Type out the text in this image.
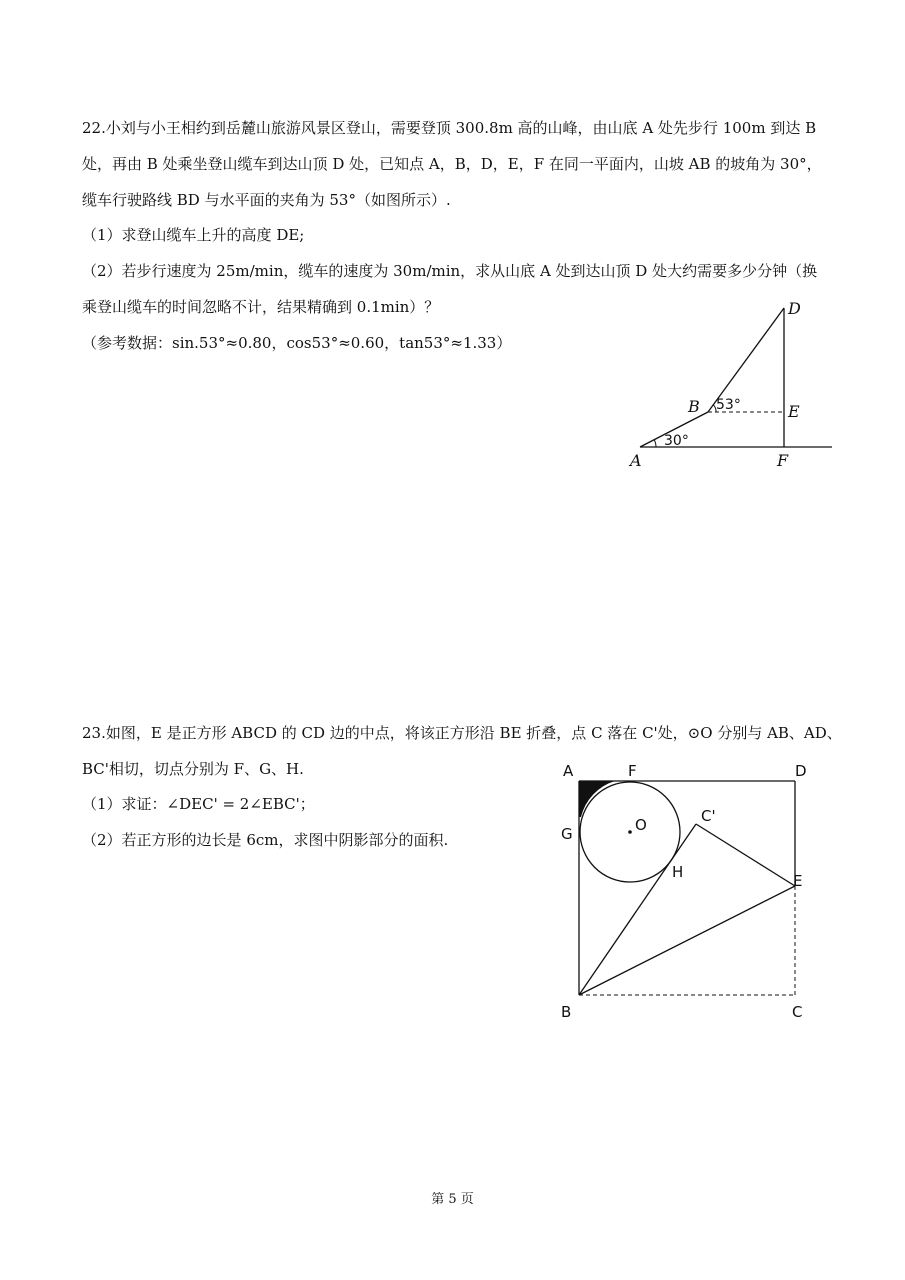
22.小刘与小王相约到岳麓山旅游风景区登山，需要登顶 300.8m 高的山峰，由山底 A 处先步行 100m 到达 B
处，再由 B 处乘坐登山缆车到达山顶 D 处，已知点 A，B，D，E，F 在同一平面内，山坡 AB 的坡角为 30°，
缆车行驶路线 BD 与水平面的夹角为 53°（如图所示）.
（1）求登山缆车上升的高度 DE;
（2）若步行速度为 25m/min，缆车的速度为 30m/min，求从山底 A 处到达山顶 D 处大约需要多少分钟（换
乘登山缆车的时间忽略不计，结果精确到 0.1min）？
（参考数据：sin.53°≈0.80，cos53°≈0.60，tan53°≈1.33）
D
B	E
A	F
53°
30°
23.如图，E 是正方形 ABCD 的 CD 边的中点，将该正方形沿 BE 折叠，点 C 落在 C'处，⊙O 分别与 AB、AD、
BC'相切，切点分别为 F、G、H.
（1）求证：∠DEC' = 2∠EBC'；
（2）若正方形的边长是 6cm，求图中阴影部分的面积.
A	F	D
G	O	C'
H	E
B	C
第 5 页
